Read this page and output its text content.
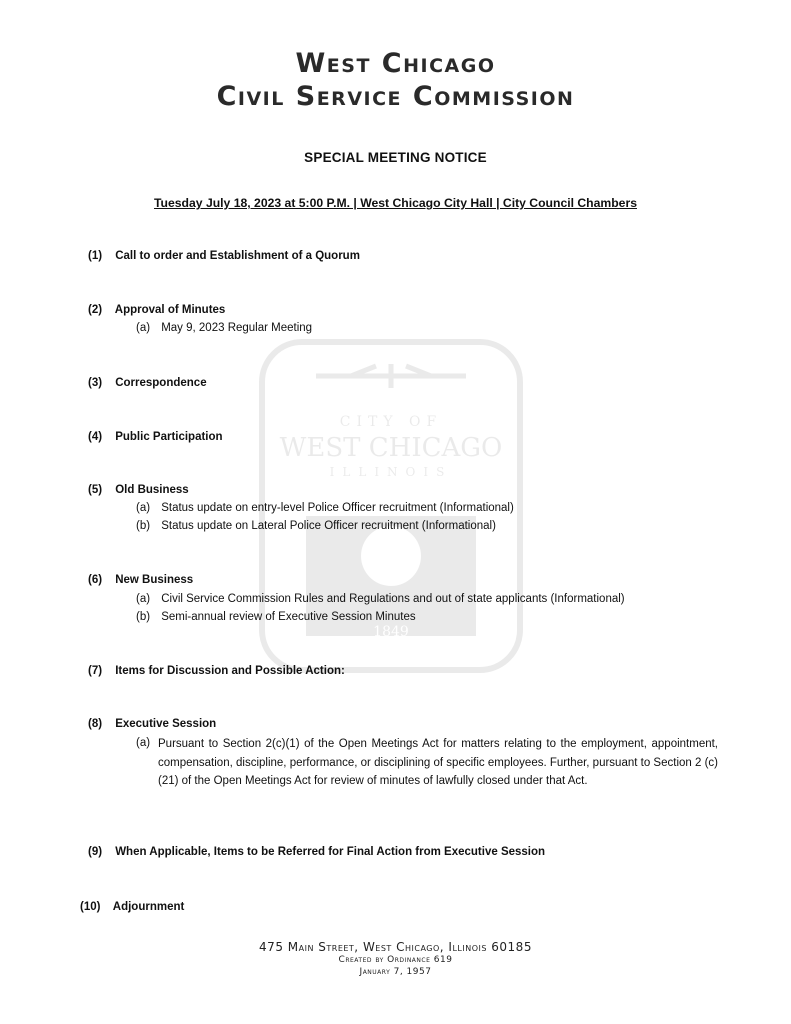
CITY OF
WEST CHICAGO
ILLINOIS
1849
West Chicago
Civil Service Commission
SPECIAL MEETING NOTICE
Tuesday July 18, 2023 at 5:00 P.M. | West Chicago City Hall | City Council Chambers
(1) Call to order and Establishment of a Quorum
(2) Approval of Minutes
(a) May 9, 2023 Regular Meeting
(3) Correspondence
(4) Public Participation
(5) Old Business
(a) Status update on entry-level Police Officer recruitment (Informational)
(b) Status update on Lateral Police Officer recruitment (Informational)
(6) New Business
(a) Civil Service Commission Rules and Regulations and out of state applicants (Informational)
(b) Semi-annual review of Executive Session Minutes
(7) Items for Discussion and Possible Action:
(8) Executive Session
(a) Pursuant to Section 2(c)(1) of the Open Meetings Act for matters relating to the employment, appointment, compensation, discipline, performance, or disciplining of specific employees. Further, pursuant to Section 2 (c)(21) of the Open Meetings Act for review of minutes of lawfully closed under that Act.
(9) When Applicable, Items to be Referred for Final Action from Executive Session
(10) Adjournment
475 Main Street, West Chicago, Illinois 60185
Created by Ordinance 619
January 7, 1957
